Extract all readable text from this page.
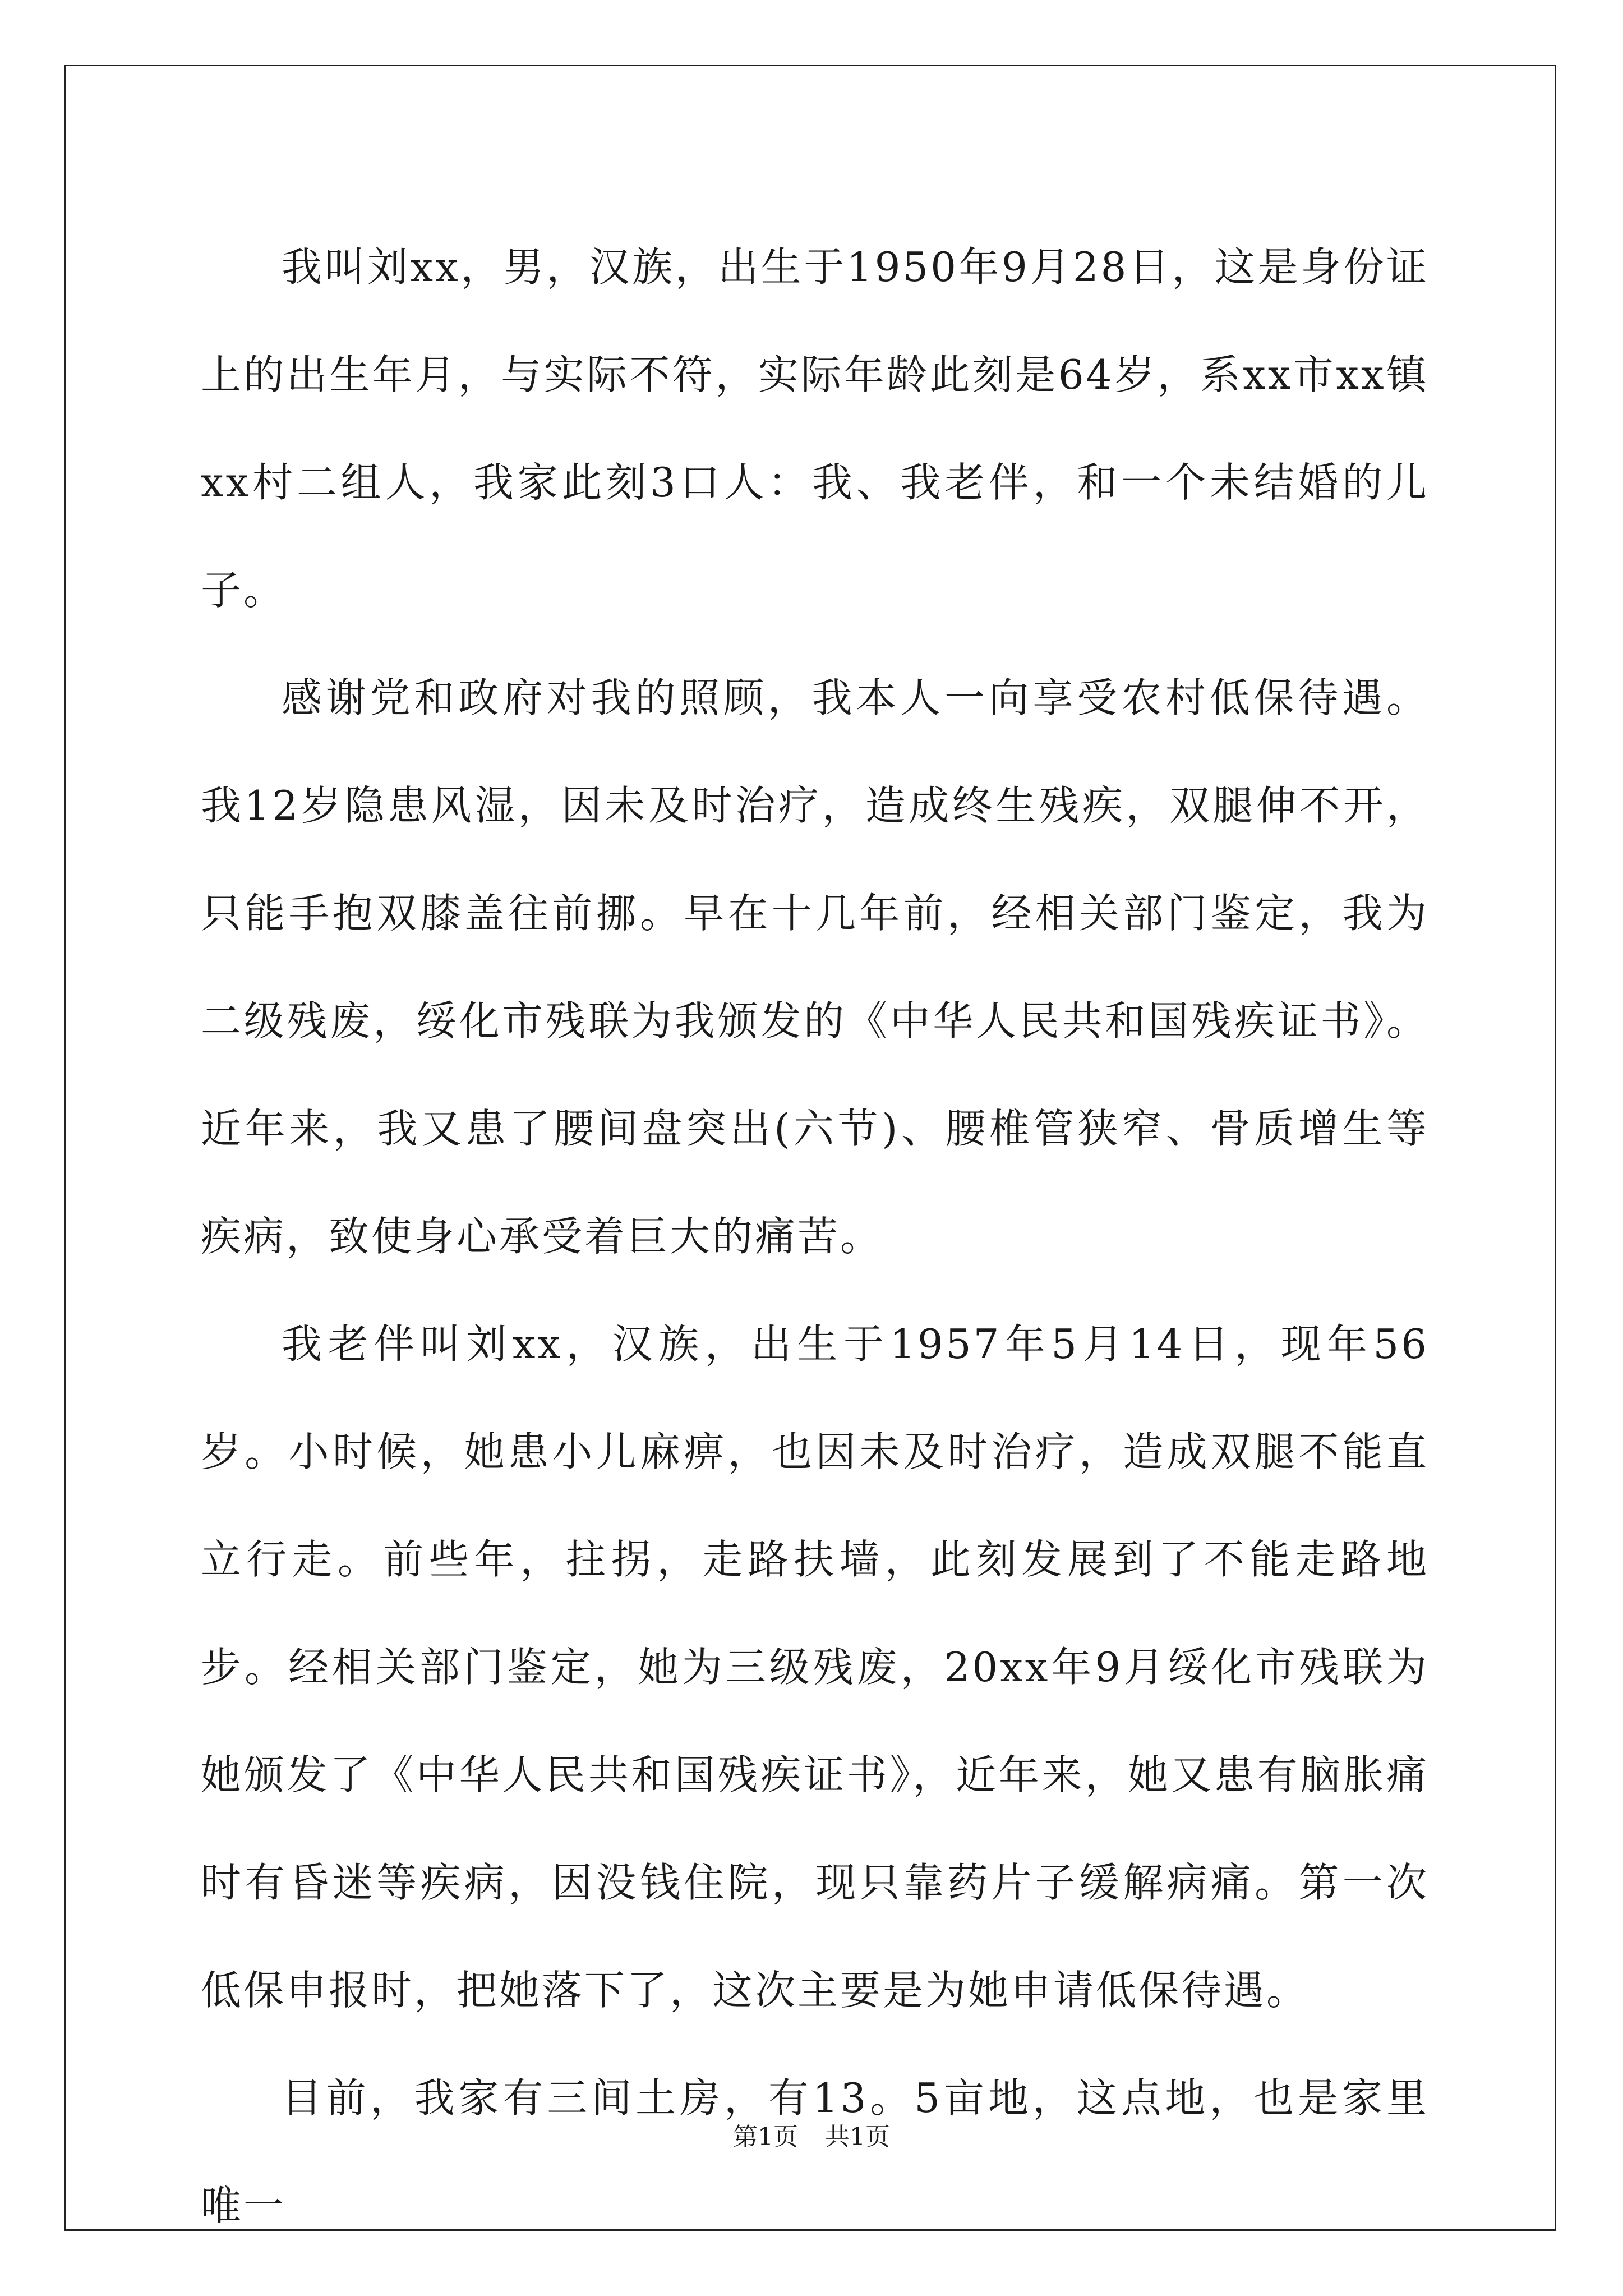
我叫刘xx，男，汉族，出生于1950年9月28日，这是身份证上的出生年月，与实际不符，实际年龄此刻是64岁，系xx市xx镇xx村二组人，我家此刻3口人：我、我老伴，和一个未结婚的儿子。

感谢党和政府对我的照顾，我本人一向享受农村低保待遇。我12岁隐患风湿，因未及时治疗，造成终生残疾，双腿伸不开，只能手抱双膝盖往前挪。早在十几年前，经相关部门鉴定，我为二级残废，绥化市残联为我颁发的《中华人民共和国残疾证书》。近年来，我又患了腰间盘突出(六节)、腰椎管狭窄、骨质增生等疾病，致使身心承受着巨大的痛苦。

我老伴叫刘xx，汉族，出生于1957年5月14日，现年56岁。小时候，她患小儿麻痹，也因未及时治疗，造成双腿不能直立行走。前些年，拄拐，走路扶墙，此刻发展到了不能走路地步。经相关部门鉴定，她为三级残废，20xx年9月绥化市残联为她颁发了《中华人民共和国残疾证书》，近年来，她又患有脑胀痛时有昏迷等疾病，因没钱住院，现只靠药片子缓解病痛。第一次低保申报时，把她落下了，这次主要是为她申请低保待遇。

目前，我家有三间土房，有13。5亩地，这点地，也是家里唯一

第1页 共1页
